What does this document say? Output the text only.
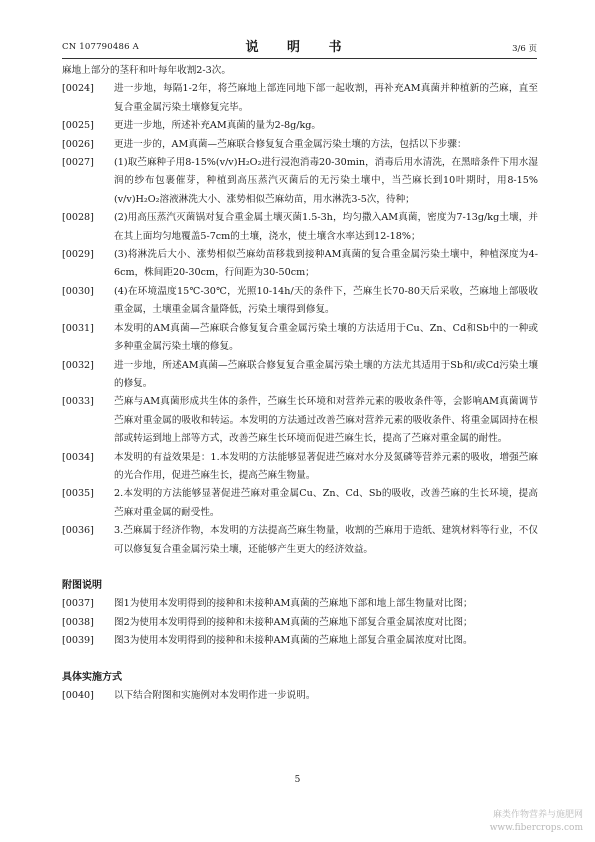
CN 107790486 A	说 明 书	3/6 页
麻地上部分的茎秆和叶每年收割2-3次。
[0024] 进一步地，每隔1-2年，将苎麻地上部连同地下部一起收割，再补充AM真菌并种植新的苎麻，直至复合重金属污染土壤修复完毕。
[0025] 更进一步地，所述补充AM真菌的量为2-8g/kg。
[0026] 更进一步的，AM真菌—苎麻联合修复复合重金属污染土壤的方法，包括以下步骤：
[0027] (1)取苎麻种子用8-15%(v/v)H₂O₂进行浸泡消毒20-30min，消毒后用水清洗，在黑暗条件下用水湿润的纱布包裹催芽，种植到高压蒸汽灭菌后的无污染土壤中，当苎麻长到10叶期时，用8-15%(v/v)H₂O₂溶液淋洗大小、涨势相似苎麻幼苗，用水淋洗3-5次，待种；
[0028] (2)用高压蒸汽灭菌锅对复合重金属土壤灭菌1.5-3h，均匀撒入AM真菌，密度为7-13g/kg土壤，并在其上面均匀地覆盖5-7cm的土壤，浇水，使土壤含水率达到12-18%；
[0029] (3)将淋洗后大小、涨势相似苎麻幼苗移栽到接种AM真菌的复合重金属污染土壤中，种植深度为4-6cm，株间距20-30cm，行间距为30-50cm；
[0030] (4)在环境温度15℃-30℃，光照10-14h/天的条件下，苎麻生长70-80天后采收，苎麻地上部吸收重金属，土壤重金属含量降低，污染土壤得到修复。
[0031] 本发明的AM真菌—苎麻联合修复复合重金属污染土壤的方法适用于Cu、Zn、Cd和Sb中的一种或多种重金属污染土壤的修复。
[0032] 进一步地，所述AM真菌—苎麻联合修复复合重金属污染土壤的方法尤其适用于Sb和/或Cd污染土壤的修复。
[0033] 苎麻与AM真菌形成共生体的条件，苎麻生长环境和对营养元素的吸收条件等，会影响AM真菌调节苎麻对重金属的吸收和转运。本发明的方法通过改善苎麻对营养元素的吸收条件、将重金属固持在根部或转运到地上部等方式，改善苎麻生长环境而促进苎麻生长，提高了苎麻对重金属的耐性。
[0034] 本发明的有益效果是：1.本发明的方法能够显著促进苎麻对水分及氮磷等营养元素的吸收，增强苎麻的光合作用，促进苎麻生长，提高苎麻生物量。
[0035] 2.本发明的方法能够显著促进苎麻对重金属Cu、Zn、Cd、Sb的吸收，改善苎麻的生长环境，提高苎麻对重金属的耐受性。
[0036] 3.苎麻属于经济作物，本发明的方法提高苎麻生物量，收割的苎麻用于造纸、建筑材料等行业，不仅可以修复复合重金属污染土壤，还能够产生更大的经济效益。
附图说明
[0037] 图1为使用本发明得到的接种和未接种AM真菌的苎麻地下部和地上部生物量对比图；
[0038] 图2为使用本发明得到的接种和未接种AM真菌的苎麻地下部复合重金属浓度对比图；
[0039] 图3为使用本发明得到的接种和未接种AM真菌的苎麻地上部复合重金属浓度对比图。
具体实施方式
[0040] 以下结合附图和实施例对本发明作进一步说明。
5
麻类作物营养与施肥网
www.fibercrops.com
